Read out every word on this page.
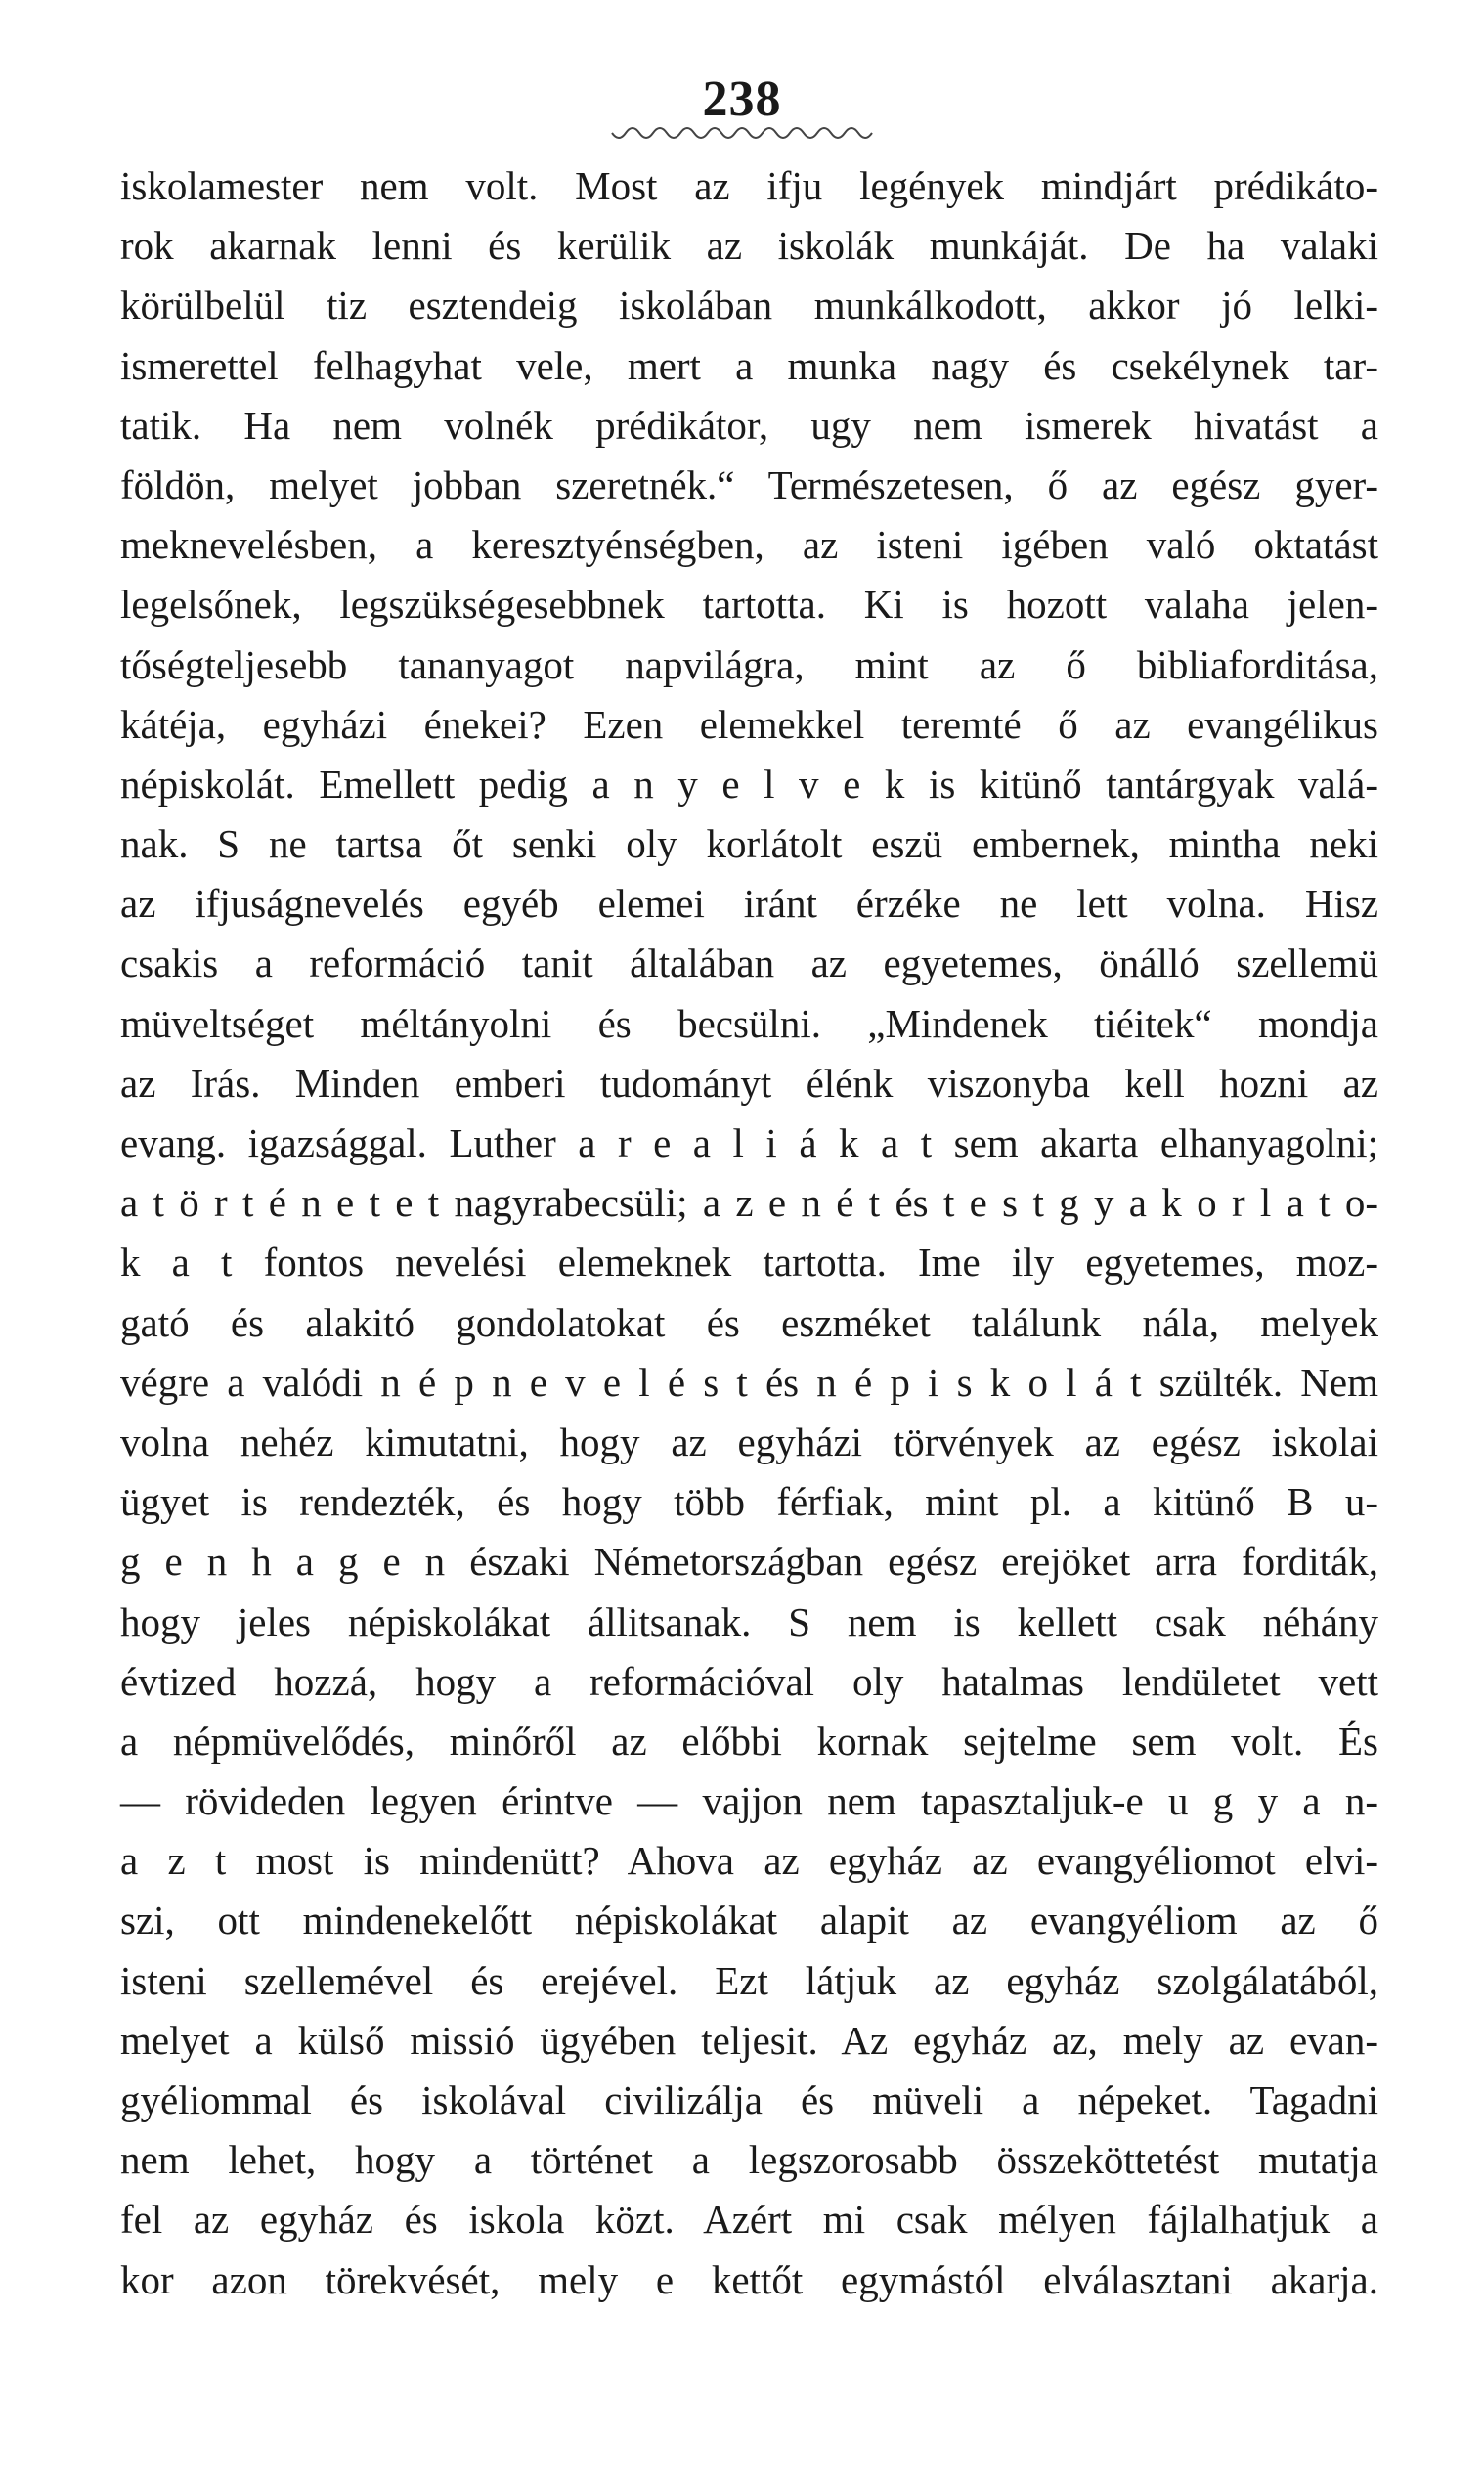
238
iskolamester nem volt. Most az ifju legények mindjárt prédikáto-
rok akarnak lenni és kerülik az iskolák munkáját. De ha valaki
körülbelül tiz esztendeig iskolában munkálkodott, akkor jó lelki-
ismerettel felhagyhat vele, mert a munka nagy és csekélynek tar-
tatik. Ha nem volnék prédikátor, ugy nem ismerek hivatást a
földön, melyet jobban szeretnék.“ Természetesen, ő az egész gyer-
meknevelésben, a keresztyénségben, az isteni igében való oktatást
legelsőnek, legszükségesebbnek tartotta. Ki is hozott valaha jelen-
tőségteljesebb tananyagot napvilágra, mint az ő bibliaforditása,
kátéja, egyházi énekei? Ezen elemekkel teremté ő az evangélikus
népiskolát. Emellett pedig a n y e l v e k is kitünő tantárgyak valá-
nak. S ne tartsa őt senki oly korlátolt eszü embernek, mintha neki
az ifjuságnevelés egyéb elemei iránt érzéke ne lett volna. Hisz
csakis a reformáció tanit általában az egyetemes, önálló szellemü
müveltséget méltányolni és becsülni. „Mindenek tiéitek“ mondja
az Irás. Minden emberi tudományt élénk viszonyba kell hozni az
evang. igazsággal. Luther a r e a l i á k a t sem akarta elhanyagolni;
a t ö r t é n e t e t nagyrabecsüli; a z e n é t és t e s t g y a k o r l a t o-
k a t fontos nevelési elemeknek tartotta. Ime ily egyetemes, moz-
gató és alakitó gondolatokat és eszméket találunk nála, melyek
végre a valódi n é p n e v e l é s t és n é p i s k o l á t szülték. Nem
volna nehéz kimutatni, hogy az egyházi törvények az egész iskolai
ügyet is rendezték, és hogy több férfiak, mint pl. a kitünő B u-
g e n h a g e n északi Németországban egész erejöket arra forditák,
hogy jeles népiskolákat állitsanak. S nem is kellett csak néhány
évtized hozzá, hogy a reformációval oly hatalmas lendületet vett
a népmüvelődés, minőről az előbbi kornak sejtelme sem volt. És
— rövideden legyen érintve — vajjon nem tapasztaljuk-e u g y a n-
a z t most is mindenütt? Ahova az egyház az evangyéliomot elvi-
szi, ott mindenekelőtt népiskolákat alapit az evangyéliom az ő
isteni szellemével és erejével. Ezt látjuk az egyház szolgálatából,
melyet a külső missió ügyében teljesit. Az egyház az, mely az evan-
gyéliommal és iskolával civilizálja és müveli a népeket. Tagadni
nem lehet, hogy a történet a legszorosabb összeköttetést mutatja
fel az egyház és iskola közt. Azért mi csak mélyen fájlalhatjuk a
kor azon törekvését, mely e kettőt egymástól elválasztani akarja.
